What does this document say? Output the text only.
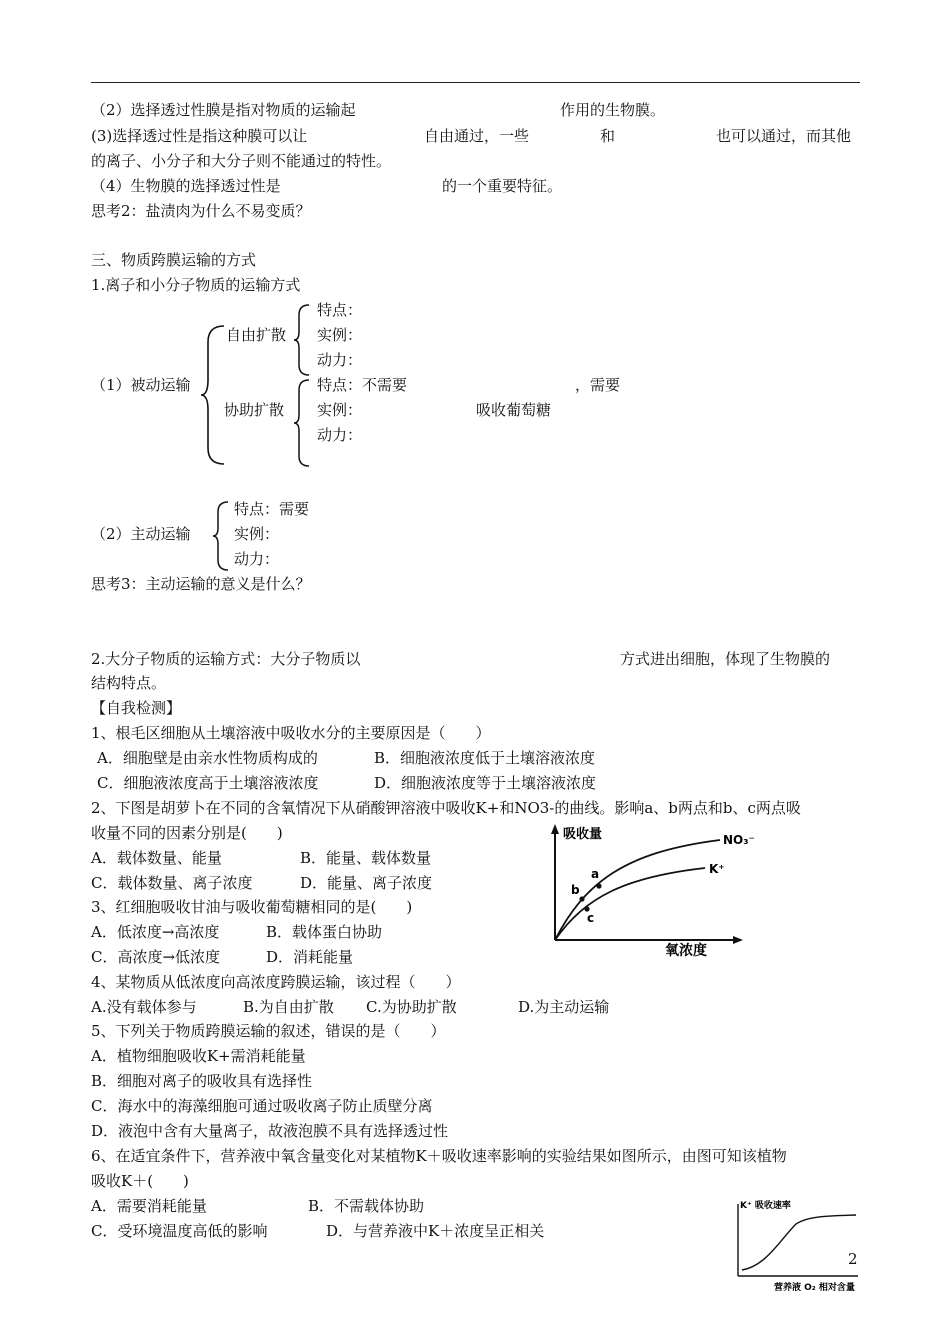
（2）选择透过性膜是指对物质的运输起	作用的生物膜。
(3)选择透过性是指这种膜可以让	自由通过，一些	和	也可以通过，而其他
的离子、小分子和大分子则不能通过的特性。
（4）生物膜的选择透过性是	的一个重要特征。
思考2：盐渍肉为什么不易变质？
三、物质跨膜运输的方式
1.离子和小分子物质的运输方式
特点：
自由扩散 实例：
动力：
（1）被动运输	特点：不需要	，需要
协助扩散 实例：	吸收葡萄糖
动力：
特点：需要
（2）主动运输	实例：
动力：
思考3：主动运输的意义是什么？
2.大分子物质的运输方式：大分子物质以	方式进出细胞，体现了生物膜的
结构特点。
【自我检测】
1、根毛区细胞从土壤溶液中吸收水分的主要原因是（　　）
A．细胞壁是由亲水性物质构成的	B．细胞液浓度低于土壤溶液浓度
C．细胞液浓度高于土壤溶液浓度	D．细胞液浓度等于土壤溶液浓度
2、下图是胡萝卜在不同的含氧情况下从硝酸钾溶液中吸收K+和NO3-的曲线。影响a、b两点和b、c两点吸
收量不同的因素分别是(　　)
A．载体数量、能量	B．能量、载体数量
C．载体数量、离子浓度	D．能量、离子浓度
3、红细胞吸收甘油与吸收葡萄糖相同的是(　　)
A．低浓度→高浓度	B．载体蛋白协助
C．高浓度→低浓度	D．消耗能量
4、某物质从低浓度向高浓度跨膜运输，该过程（　　）
A.没有载体参与	B.为自由扩散 C.为协助扩散	D.为主动运输
5、下列关于物质跨膜运输的叙述，错误的是（　　）
A．植物细胞吸收K+需消耗能量
B．细胞对离子的吸收具有选择性
C．海水中的海藻细胞可通过吸收离子防止质壁分离
D．液泡中含有大量离子，故液泡膜不具有选择透过性
6、在适宜条件下，营养液中氧含量变化对某植物K＋吸收速率影响的实验结果如图所示，由图可知该植物
吸收K＋(　　)
A．需要消耗能量	B．不需载体协助
C．受环境温度高低的影响	D．与营养液中K＋浓度呈正相关
吸收量
氧浓度
NO₃⁻
K⁺
a
b
c
K⁺ 吸收速率
营养液 O₂ 相对含量
2
